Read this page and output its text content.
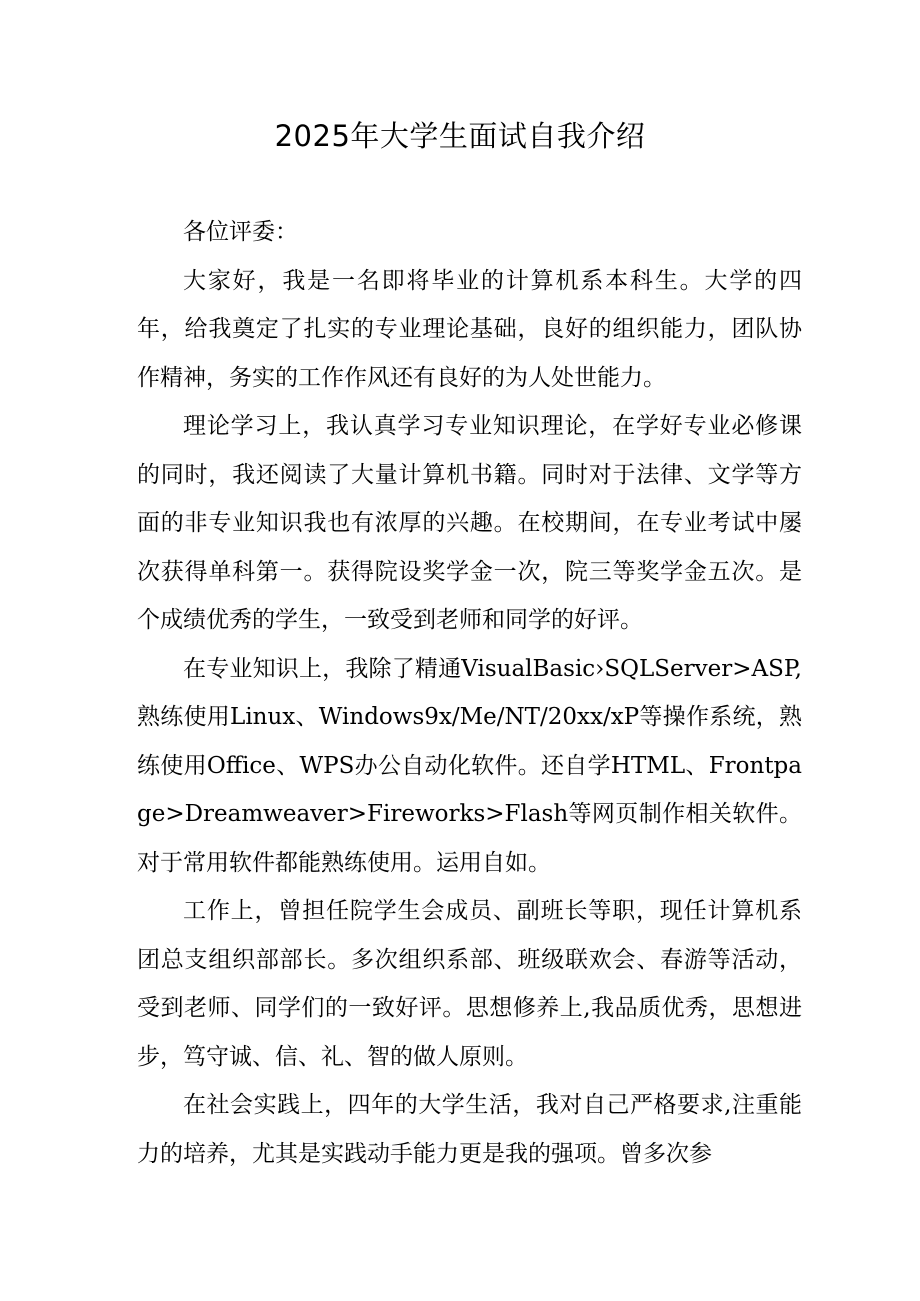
2025年大学生面试自我介绍

各位评委：

大家好，我是一名即将毕业的计算机系本科生。大学的四年，给我奠定了扎实的专业理论基础，良好的组织能力，团队协作精神，务实的工作作风还有良好的为人处世能力。

理论学习上，我认真学习专业知识理论，在学好专业必修课的同时，我还阅读了大量计算机书籍。同时对于法律、文学等方面的非专业知识我也有浓厚的兴趣。在校期间，在专业考试中屡次获得单科第一。获得院设奖学金一次，院三等奖学金五次。是个成绩优秀的学生，一致受到老师和同学的好评。

在专业知识上，我除了精通VisualBasic›SQLServer>ASP,熟练使用Linux、Windows9x/Me/NT/20xx/xP等操作系统，熟练使用Office、WPS办公自动化软件。还自学HTML、Frontpage>Dreamweaver>Fireworks>Flash等网页制作相关软件。对于常用软件都能熟练使用。运用自如。

工作上，曾担任院学生会成员、副班长等职，现任计算机系团总支组织部部长。多次组织系部、班级联欢会、春游等活动，受到老师、同学们的一致好评。思想修养上,我品质优秀，思想进步，笃守诚、信、礼、智的做人原则。

在社会实践上，四年的大学生活，我对自己严格要求,注重能力的培养，尤其是实践动手能力更是我的强项。曾多次参
